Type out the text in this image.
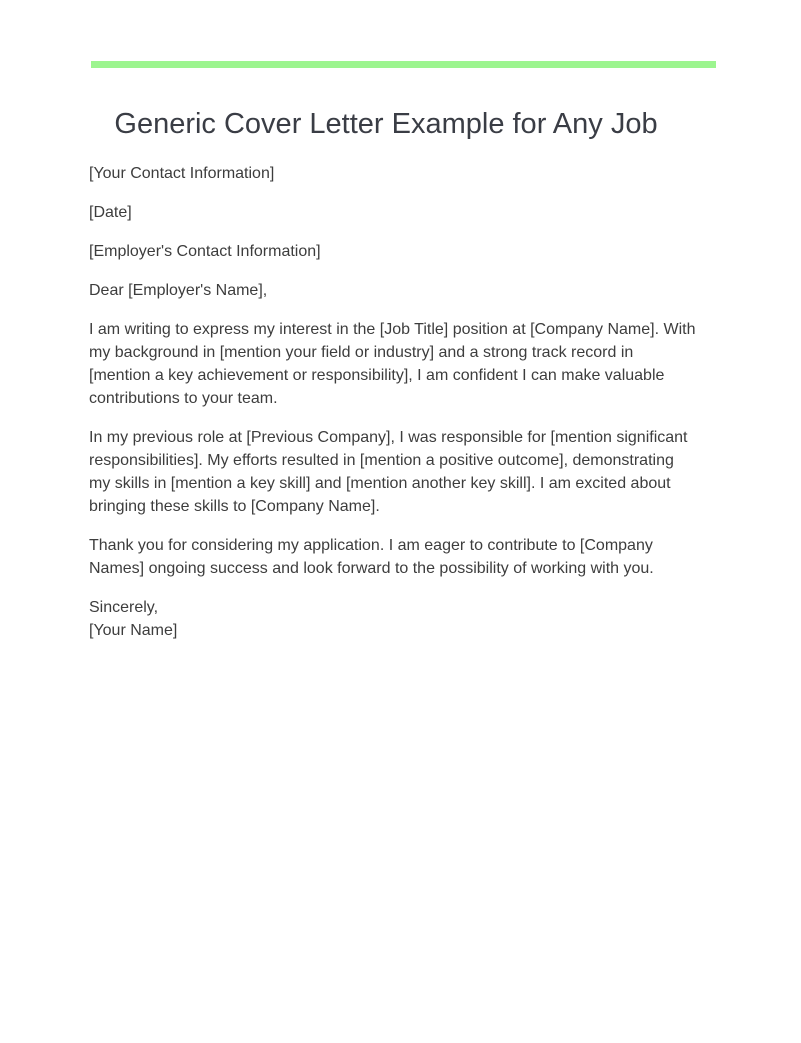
Generic Cover Letter Example for Any Job

[Your Contact Information]

[Date]

[Employer's Contact Information]

Dear [Employer's Name],

I am writing to express my interest in the [Job Title] position at [Company Name]. With my background in [mention your field or industry] and a strong track record in [mention a key achievement or responsibility], I am confident I can make valuable contributions to your team.

In my previous role at [Previous Company], I was responsible for [mention significant responsibilities]. My efforts resulted in [mention a positive outcome], demonstrating my skills in [mention a key skill] and [mention another key skill]. I am excited about bringing these skills to [Company Name].

Thank you for considering my application. I am eager to contribute to [Company Names] ongoing success and look forward to the possibility of working with you.

Sincerely,
[Your Name]
